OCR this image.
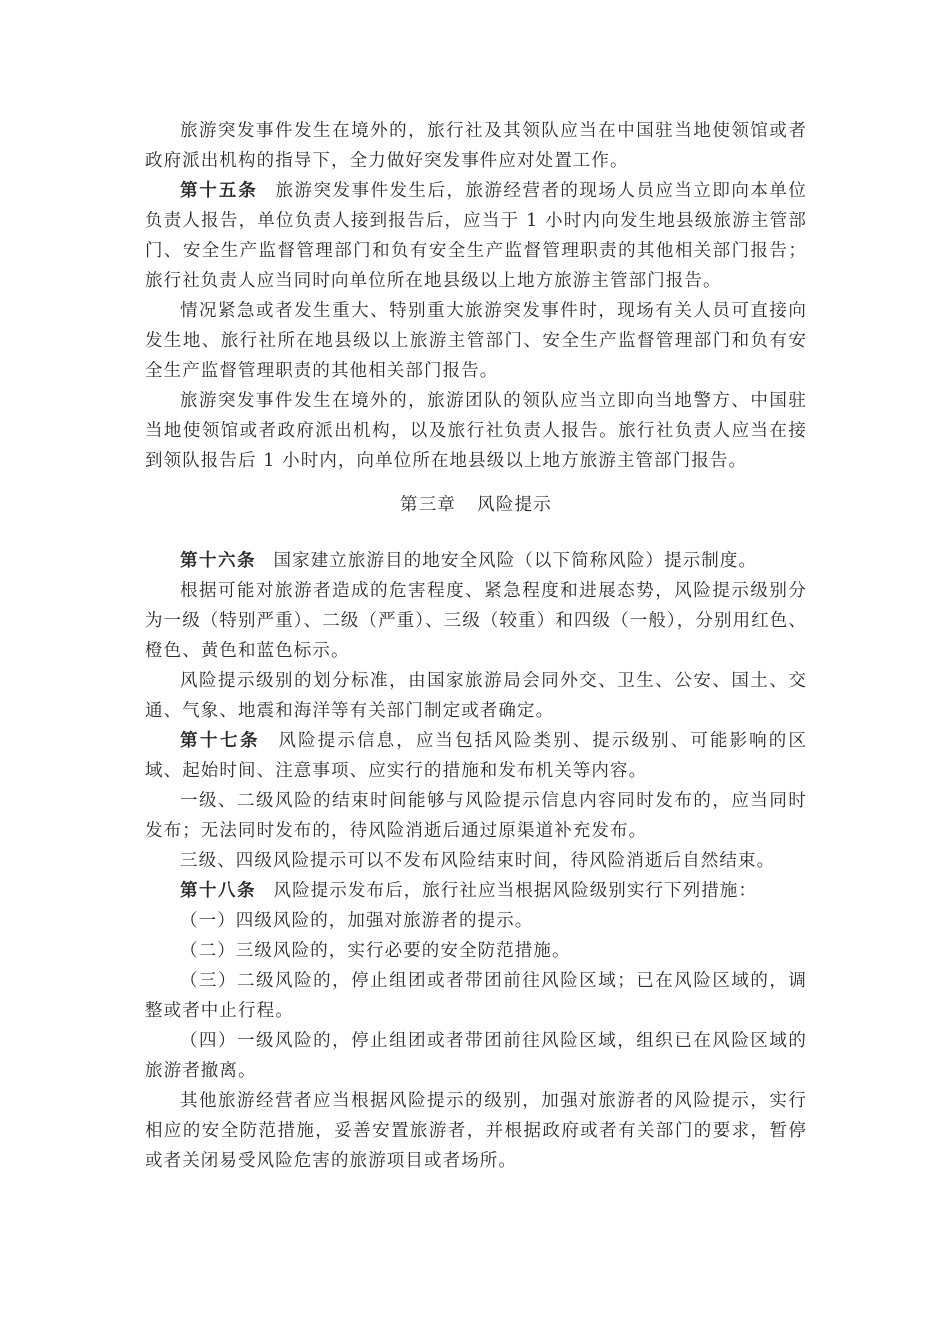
旅游突发事件发生在境外的，旅行社及其领队应当在中国驻当地使领馆或者政府派出机构的指导下，全力做好突发事件应对处置工作。

第十五条 旅游突发事件发生后，旅游经营者的现场人员应当立即向本单位负责人报告，单位负责人接到报告后，应当于 1 小时内向发生地县级旅游主管部门、安全生产监督管理部门和负有安全生产监督管理职责的其他相关部门报告；旅行社负责人应当同时向单位所在地县级以上地方旅游主管部门报告。

情况紧急或者发生重大、特别重大旅游突发事件时，现场有关人员可直接向发生地、旅行社所在地县级以上旅游主管部门、安全生产监督管理部门和负有安全生产监督管理职责的其他相关部门报告。

旅游突发事件发生在境外的，旅游团队的领队应当立即向当地警方、中国驻当地使领馆或者政府派出机构，以及旅行社负责人报告。旅行社负责人应当在接到领队报告后 1 小时内，向单位所在地县级以上地方旅游主管部门报告。

第三章 风险提示

第十六条 国家建立旅游目的地安全风险（以下简称风险）提示制度。

根据可能对旅游者造成的危害程度、紧急程度和进展态势，风险提示级别分为一级（特别严重）、二级（严重）、三级（较重）和四级（一般），分别用红色、橙色、黄色和蓝色标示。

风险提示级别的划分标准，由国家旅游局会同外交、卫生、公安、国土、交通、气象、地震和海洋等有关部门制定或者确定。

第十七条 风险提示信息，应当包括风险类别、提示级别、可能影响的区域、起始时间、注意事项、应实行的措施和发布机关等内容。

一级、二级风险的结束时间能够与风险提示信息内容同时发布的，应当同时发布；无法同时发布的，待风险消逝后通过原渠道补充发布。

三级、四级风险提示可以不发布风险结束时间，待风险消逝后自然结束。

第十八条 风险提示发布后，旅行社应当根据风险级别实行下列措施：

（一）四级风险的，加强对旅游者的提示。

（二）三级风险的，实行必要的安全防范措施。

（三）二级风险的，停止组团或者带团前往风险区域；已在风险区域的，调整或者中止行程。

（四）一级风险的，停止组团或者带团前往风险区域，组织已在风险区域的旅游者撤离。

其他旅游经营者应当根据风险提示的级别，加强对旅游者的风险提示，实行相应的安全防范措施，妥善安置旅游者，并根据政府或者有关部门的要求，暂停或者关闭易受风险危害的旅游项目或者场所。
